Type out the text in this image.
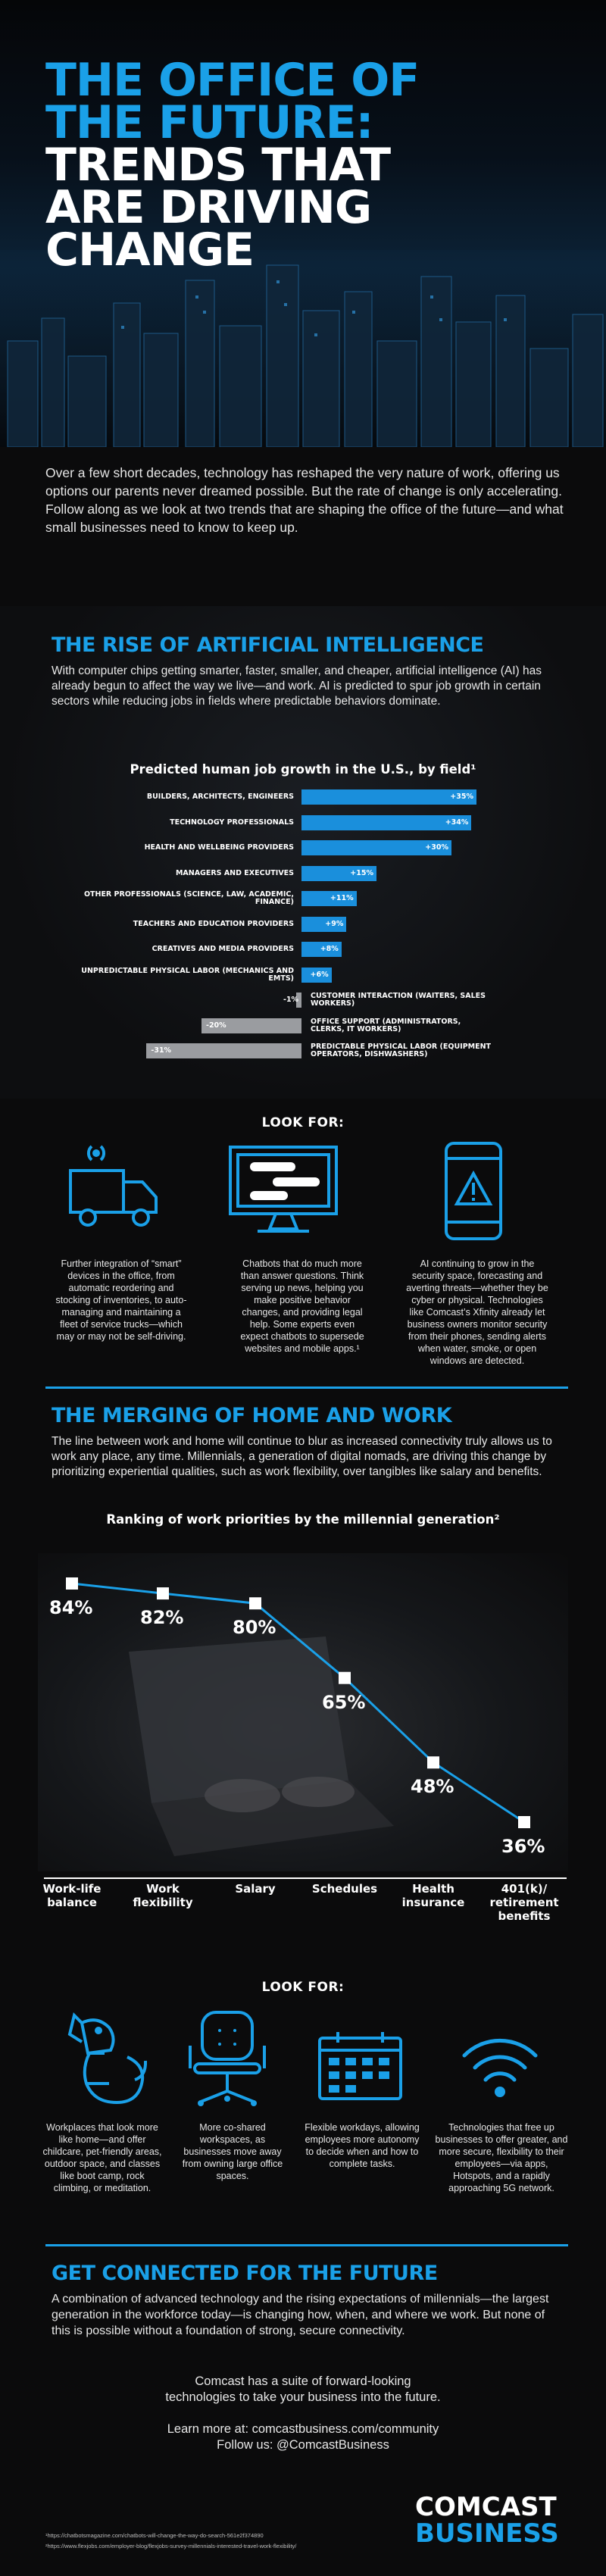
THE OFFICE OF
THE FUTURE:
TRENDS THAT
ARE DRIVING
CHANGE

Over a few short decades, technology has reshaped the very nature of work, offering us options our parents never dreamed possible. But the rate of change is only accelerating. Follow along as we look at two trends that are shaping the office of the future—and what small businesses need to know to keep up.

THE RISE OF ARTIFICIAL INTELLIGENCE

With computer chips getting smarter, faster, smaller, and cheaper, artificial intelligence (AI) has already begun to affect the way we live—and work. AI is predicted to spur job growth in certain sectors while reducing jobs in fields where predictable behaviors dominate.

Predicted human job growth in the U.S., by field¹
+35%
BUILDERS, ARCHITECTS, ENGINEERS
+34%
TECHNOLOGY PROFESSIONALS
+30%
HEALTH AND WELLBEING PROVIDERS
+15%
MANAGERS AND EXECUTIVES
+11%
OTHER PROFESSIONALS (SCIENCE, LAW, ACADEMIC, FINANCE)
+9%
TEACHERS AND EDUCATION PROVIDERS
+8%
CREATIVES AND MEDIA PROVIDERS
+6%
UNPREDICTABLE PHYSICAL LABOR (MECHANICS AND EMTS)
-1% CUSTOMER INTERACTION (WAITERS, SALES WORKERS)
-20%	OFFICE SUPPORT (ADMINISTRATORS, CLERKS, IT WORKERS)
-31%	PREDICTABLE PHYSICAL LABOR (EQUIPMENT OPERATORS, DISHWASHERS)
LOOK FOR:

Further integration of “smart” devices in the office, from automatic reordering and stocking of inventories, to auto-managing and maintaining a fleet of service trucks—which may or may not be self-driving.

Chatbots that do much more than answer questions. Think serving up news, helping you make positive behavior changes, and providing legal help. Some experts even expect chatbots to supersede websites and mobile apps.¹

AI continuing to grow in the security space, forecasting and averting threats—whether they be cyber or physical. Technologies like Comcast’s Xfinity already let business owners monitor security from their phones, sending alerts when water, smoke, or open windows are detected.

THE MERGING OF HOME AND WORK

The line between work and home will continue to blur as increased connectivity truly allows us to work any place, any time. Millennials, a generation of digital nomads, are driving this change by prioritizing experiential qualities, such as work flexibility, over tangibles like salary and benefits.

Ranking of work priorities by the millennial generation²
84%
Work-life balance
82%
Work flexibility
80%
Salary
65%
Schedules
48%
Health insurance
36%
401(k)/ retirement benefits
LOOK FOR:

Workplaces that look more like home—and offer childcare, pet-friendly areas, outdoor space, and classes like boot camp, rock climbing, or meditation.

More co-shared workspaces, as businesses move away from owning large office spaces.

Flexible workdays, allowing employees more autonomy to decide when and how to complete tasks.

Technologies that free up businesses to offer greater, and more secure, flexibility to their employees—via apps, Hotspots, and a rapidly approaching 5G network.

GET CONNECTED FOR THE FUTURE

A combination of advanced technology and the rising expectations of millennials—the largest generation in the workforce today—is changing how, when, and where we work. But none of this is possible without a foundation of strong, secure connectivity.

Comcast has a suite of forward-looking
technologies to take your business into the future.
Learn more at: comcastbusiness.com/community
Follow us: @ComcastBusiness
¹https://chatbotsmagazine.com/chatbots-will-change-the-way-do-search-561e2f374890
²https://www.flexjobs.com/employer-blog/flexjobs-survey-millennials-interested-travel-work-flexibility/
COMCAST
BUSINESS
